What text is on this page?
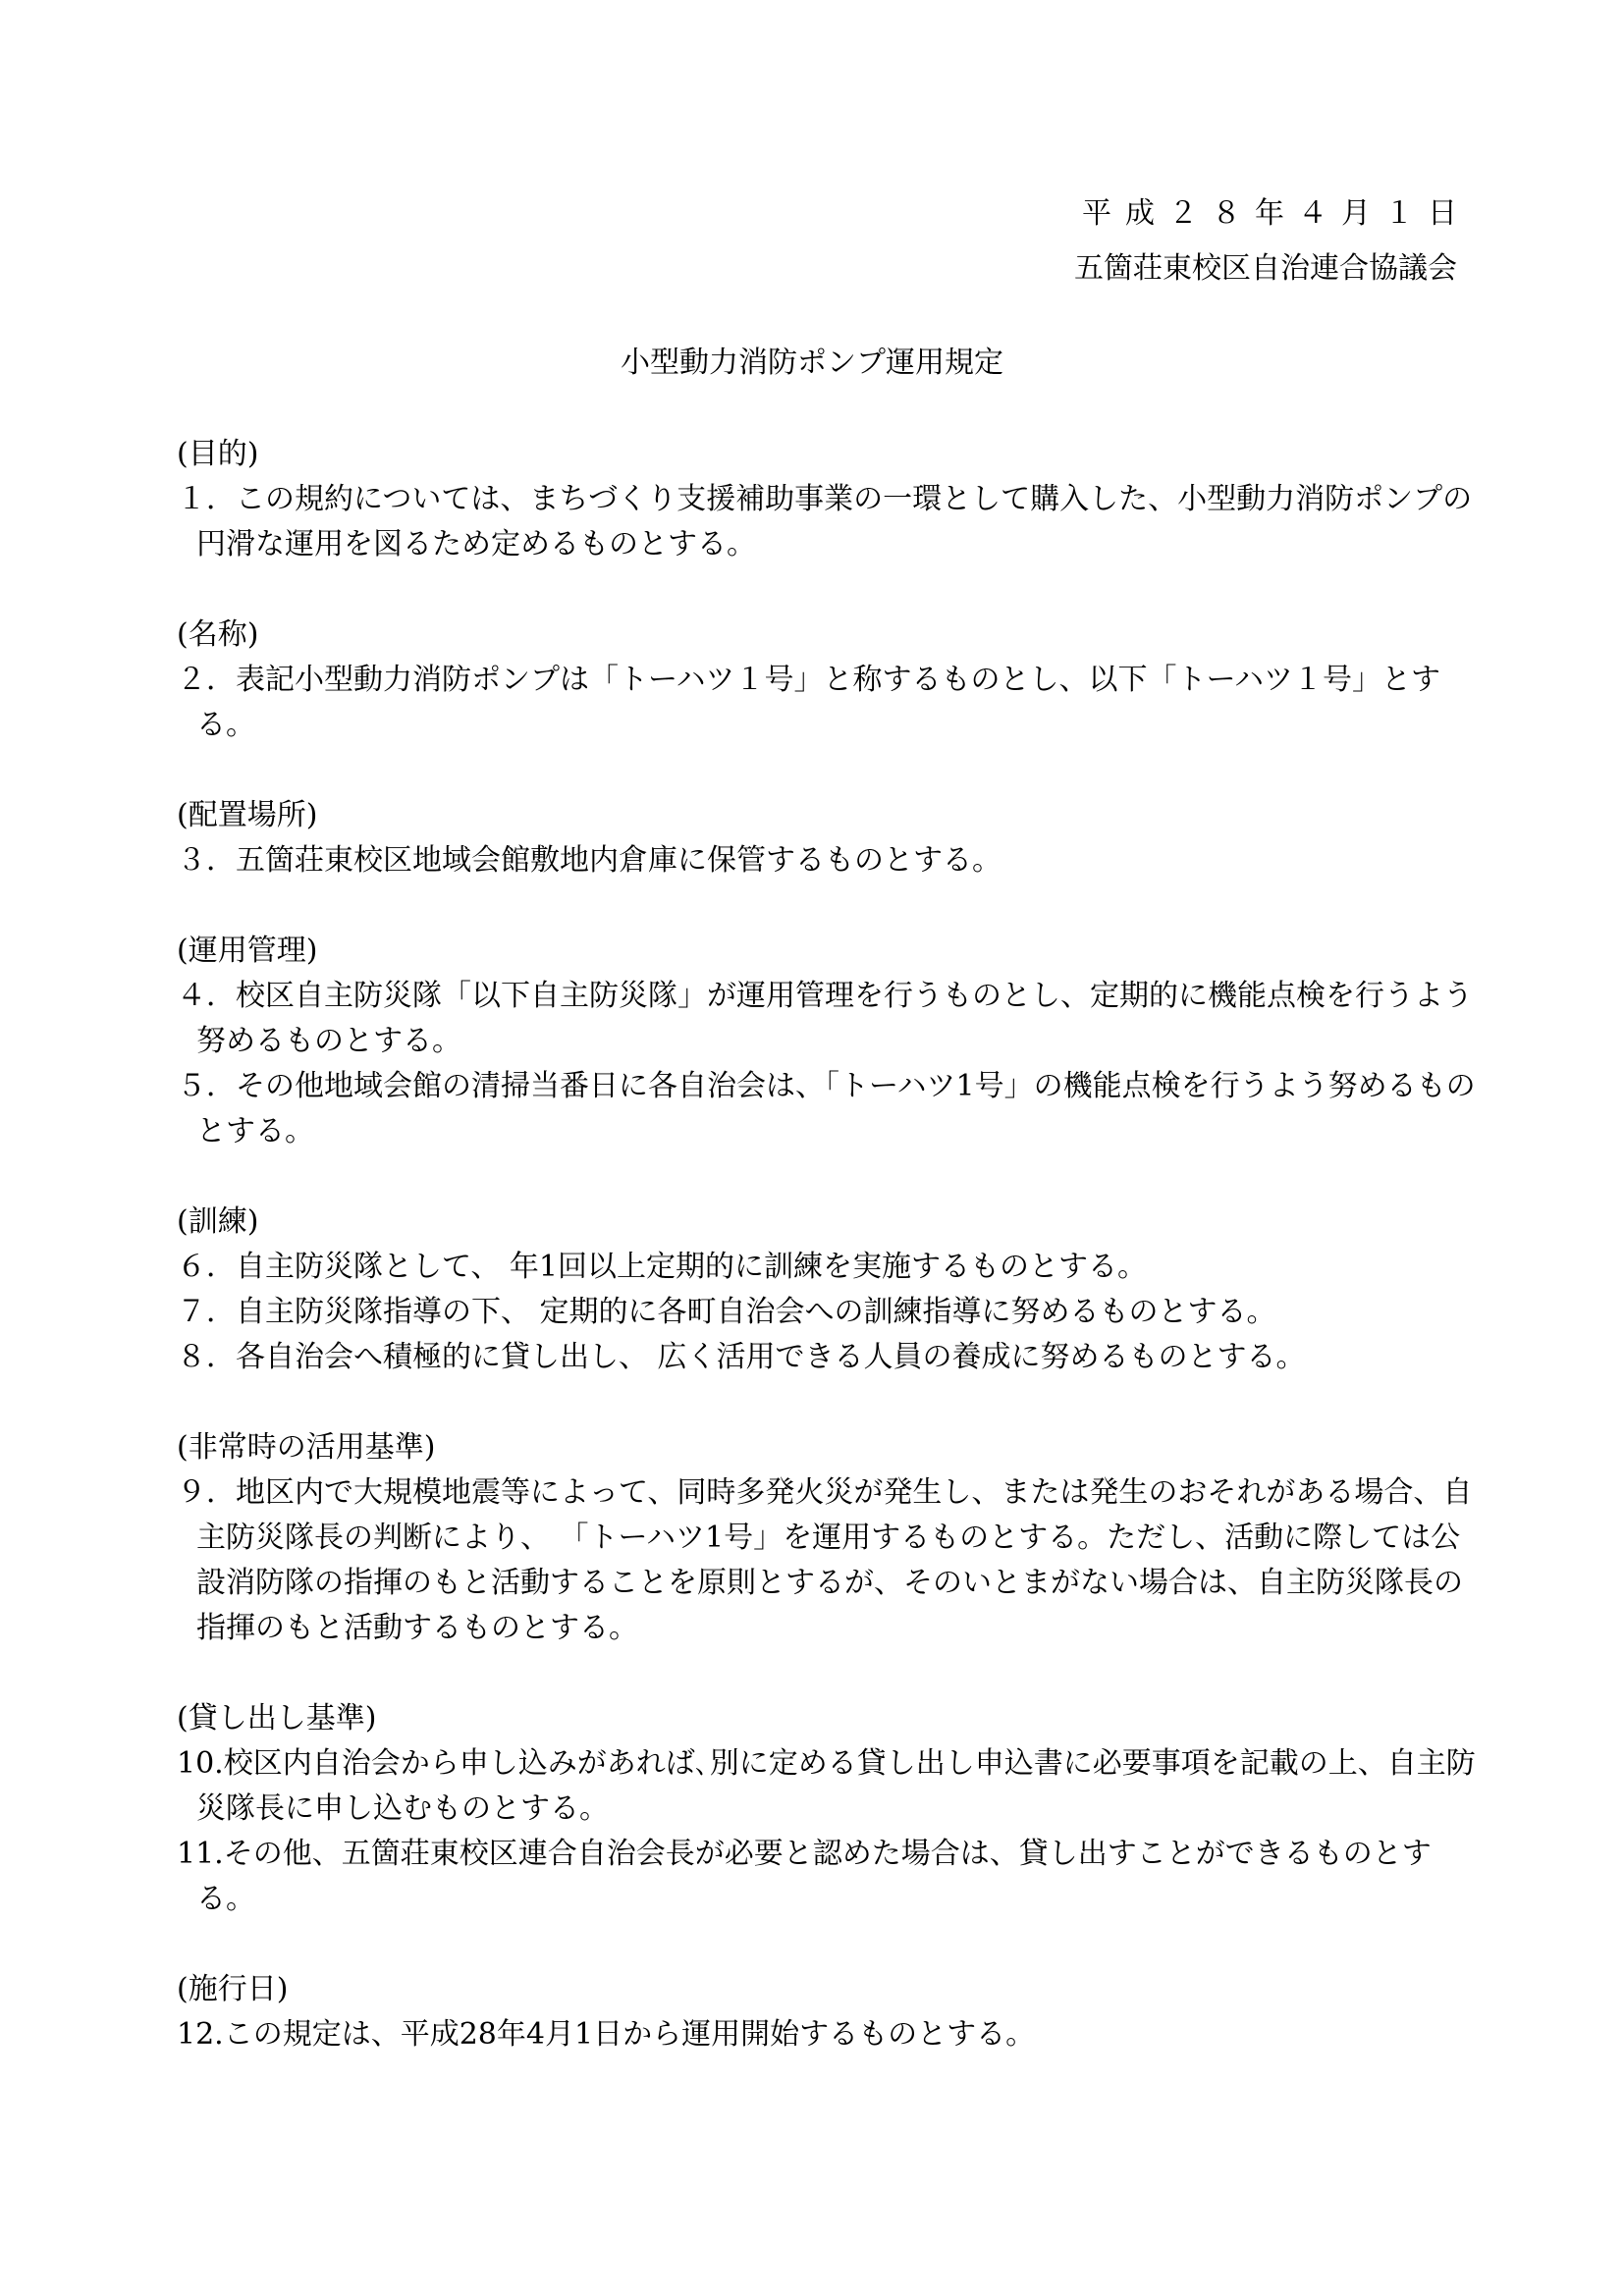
平成２８年４月１日
五箇荘東校区自治連合協議会
小型動力消防ポンプ運用規定

(目的)

１．この規約については、まちづくり支援補助事業の一環として購入した、小型動力消防ポンプの円滑な運用を図るため定めるものとする。

(名称)

２．表記小型動力消防ポンプは「トーハツ１号」と称するものとし、以下「トーハツ１号」とする。

(配置場所)

３．五箇荘東校区地域会館敷地内倉庫に保管するものとする。

(運用管理)

４．校区自主防災隊「以下自主防災隊」が運用管理を行うものとし、定期的に機能点検を行うよう努めるものとする。

５．その他地域会館の清掃当番日に各自治会は、「トーハツ1号」の機能点検を行うよう努めるものとする。

(訓練)

６．自主防災隊として、 年1回以上定期的に訓練を実施するものとする。

７．自主防災隊指導の下、 定期的に各町自治会への訓練指導に努めるものとする。

８．各自治会へ積極的に貸し出し、 広く活用できる人員の養成に努めるものとする。

(非常時の活用基準)

９．地区内で大規模地震等によって、同時多発火災が発生し、または発生のおそれがある場合、自主防災隊長の判断により、 「トーハツ1号」を運用するものとする。ただし、活動に際しては公設消防隊の指揮のもと活動することを原則とするが、そのいとまがない場合は、自主防災隊長の指揮のもと活動するものとする。

(貸し出し基準)

10.校区内自治会から申し込みがあれば､別に定める貸し出し申込書に必要事項を記載の上、自主防災隊長に申し込むものとする。

11.その他、五箇荘東校区連合自治会長が必要と認めた場合は、貸し出すことができるものとする。

(施行日)

12.この規定は、平成28年4月1日から運用開始するものとする。
